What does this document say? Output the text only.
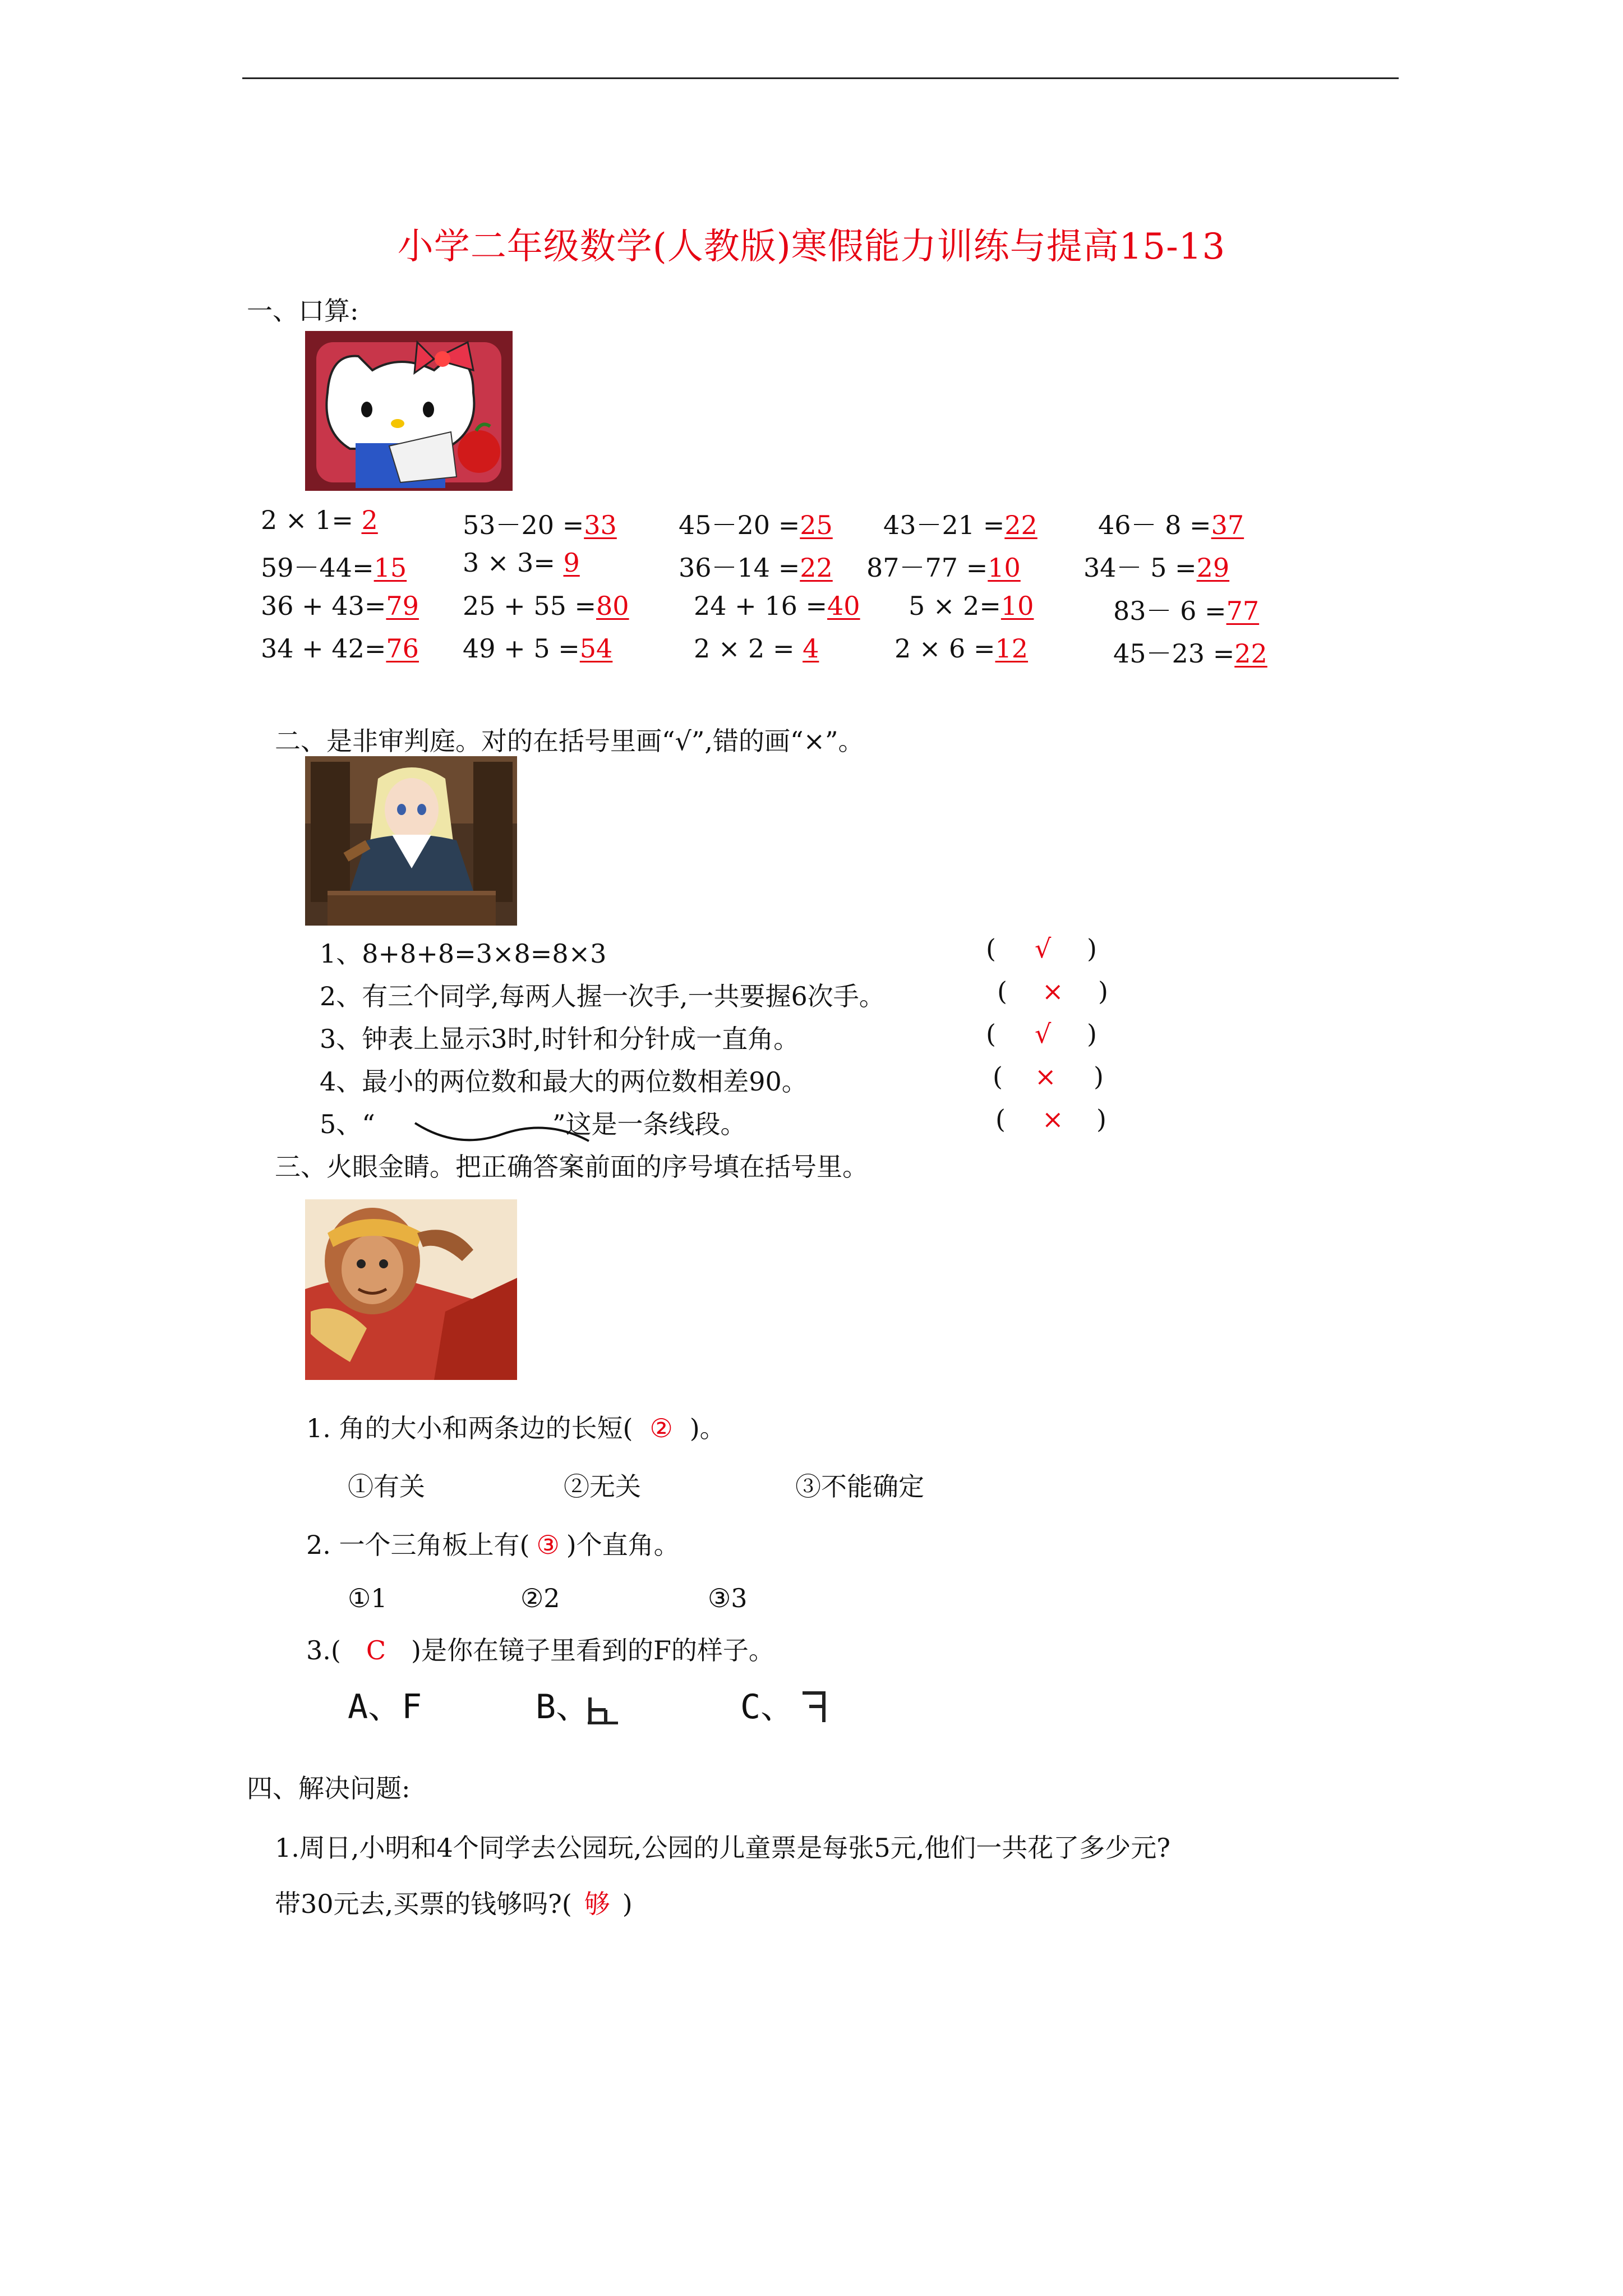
小学二年级数学(人教版)寒假能力训练与提高15-13
一、口算:
2 × 1= 2	53－20 =33 45－20 =25 43－21 =22 46－ 8 =37
59－44=15 3 × 3= 9	36－14 =22 87－77 =10 34－ 5 =29
36 + 43=79 25 + 55 =80	24 + 16 =40 5 × 2=10	83－ 6 =77
34 + 42=76 49 + 5 =54	2 × 2 = 4	2 × 6 =12	45－23 =22
二、是非审判庭。对的在括号里画“√”,错的画“×”。
1、8+8+8=3×8=8×3	( √ )
2、有三个同学,每两人握一次手,一共要握6次手。	( × )
3、钟表上显示3时,时针和分针成一直角。	( √ )
4、最小的两位数和最大的两位数相差90。	( × )
5、“	”这是一条线段。	( × )
三、火眼金睛。把正确答案前面的序号填在括号里。
1. 角的大小和两条边的长短( ② )。
①有关	②无关	③不能确定
2. 一个三角板上有( ③ )个直角。
①1	②2	③3
3.( C )是你在镜子里看到的F的样子。
A、F	B、	C、
四、解决问题:
1.周日,小明和4个同学去公园玩,公园的儿童票是每张5元,他们一共花了多少元?
带30元去,买票的钱够吗?( 够 )
